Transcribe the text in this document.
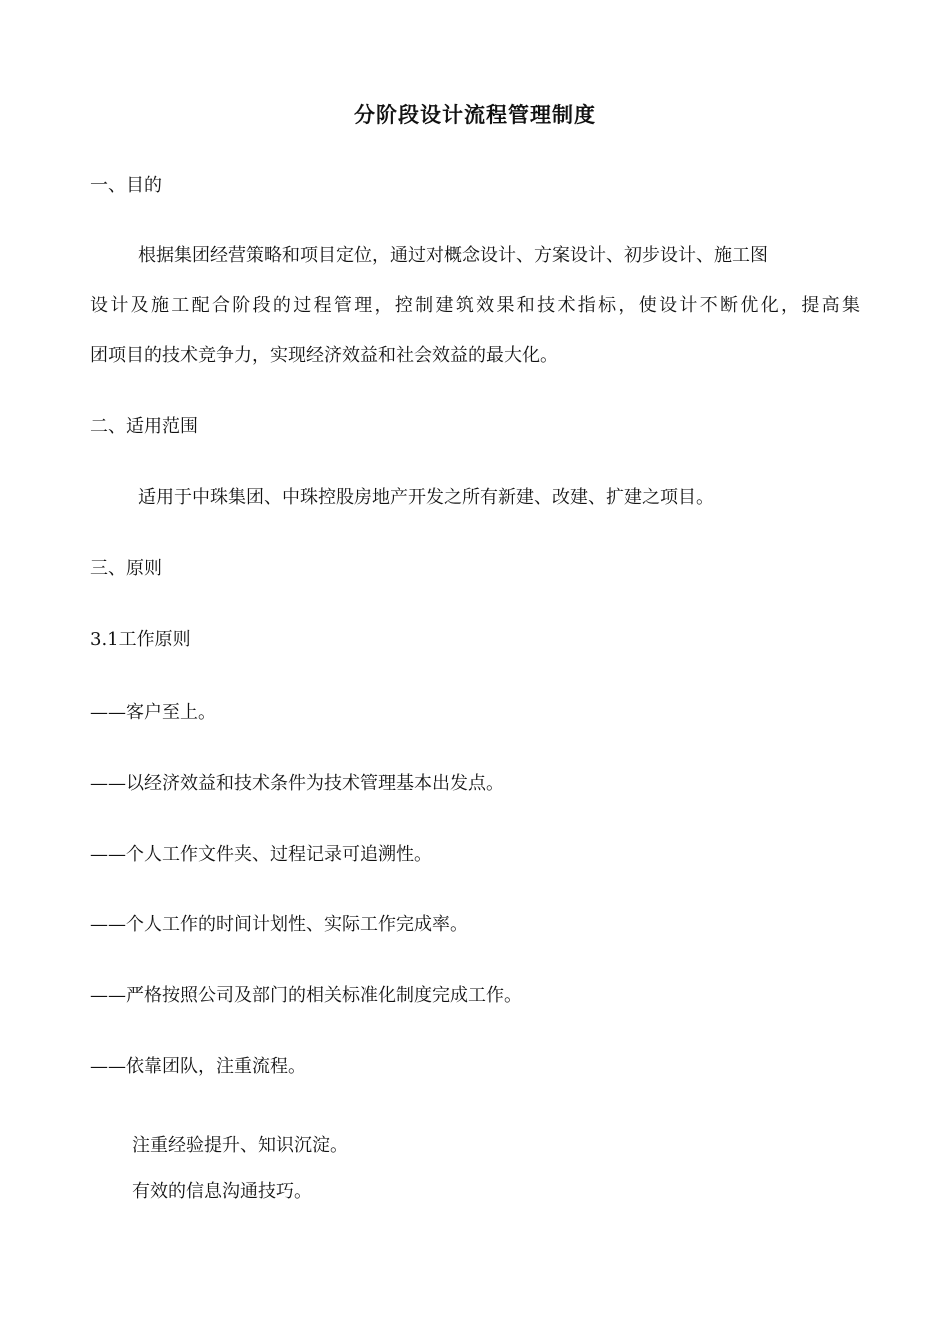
分阶段设计流程管理制度
一、目的
根据集团经营策略和项目定位，通过对概念设计、方案设计、初步设计、施工图
设计及施工配合阶段的过程管理，控制建筑效果和技术指标，使设计不断优化，提高集
团项目的技术竞争力，实现经济效益和社会效益的最大化。
二、适用范围
适用于中珠集团、中珠控股房地产开发之所有新建、改建、扩建之项目。
三、原则
3.1工作原则
——客户至上。
——以经济效益和技术条件为技术管理基本出发点。
——个人工作文件夹、过程记录可追溯性。
——个人工作的时间计划性、实际工作完成率。
——严格按照公司及部门的相关标准化制度完成工作。
——依靠团队，注重流程。
注重经验提升、知识沉淀。
有效的信息沟通技巧。
